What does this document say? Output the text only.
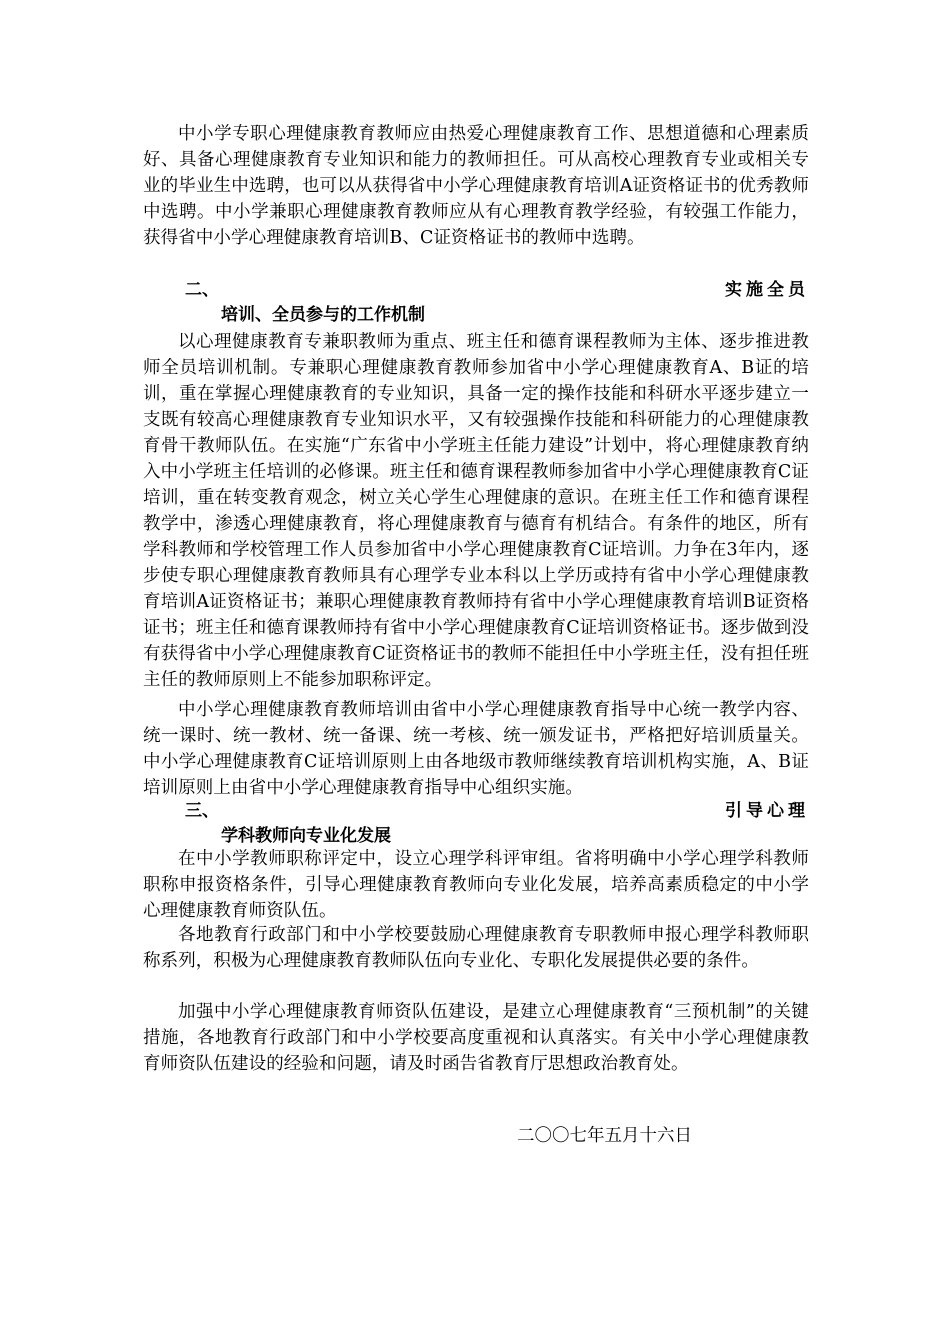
中小学专职心理健康教育教师应由热爱心理健康教育工作、思想道德和心理素质好、具备心理健康教育专业知识和能力的教师担任。可从高校心理教育专业或相关专业的毕业生中选聘，也可以从获得省中小学心理健康教育培训A证资格证书的优秀教师中选聘。中小学兼职心理健康教育教师应从有心理教育教学经验，有较强工作能力，获得省中小学心理健康教育培训B、C证资格证书的教师中选聘。

二、	实施全员
培训、全员参与的工作机制

以心理健康教育专兼职教师为重点、班主任和德育课程教师为主体、逐步推进教师全员培训机制。专兼职心理健康教育教师参加省中小学心理健康教育A、B证的培训，重在掌握心理健康教育的专业知识，具备一定的操作技能和科研水平逐步建立一支既有较高心理健康教育专业知识水平，又有较强操作技能和科研能力的心理健康教育骨干教师队伍。在实施“广东省中小学班主任能力建设”计划中，将心理健康教育纳入中小学班主任培训的必修课。班主任和德育课程教师参加省中小学心理健康教育C证培训，重在转变教育观念，树立关心学生心理健康的意识。在班主任工作和德育课程教学中，渗透心理健康教育，将心理健康教育与德育有机结合。有条件的地区，所有学科教师和学校管理工作人员参加省中小学心理健康教育C证培训。力争在3年内，逐步使专职心理健康教育教师具有心理学专业本科以上学历或持有省中小学心理健康教育培训A证资格证书；兼职心理健康教育教师持有省中小学心理健康教育培训B证资格证书；班主任和德育课教师持有省中小学心理健康教育C证培训资格证书。逐步做到没有获得省中小学心理健康教育C证资格证书的教师不能担任中小学班主任，没有担任班主任的教师原则上不能参加职称评定。

中小学心理健康教育教师培训由省中小学心理健康教育指导中心统一教学内容、统一课时、统一教材、统一备课、统一考核、统一颁发证书，严格把好培训质量关。中小学心理健康教育C证培训原则上由各地级市教师继续教育培训机构实施，A、B证培训原则上由省中小学心理健康教育指导中心组织实施。

三、	引导心理
学科教师向专业化发展

在中小学教师职称评定中，设立心理学科评审组。省将明确中小学心理学科教师职称申报资格条件，引导心理健康教育教师向专业化发展，培养高素质稳定的中小学心理健康教育师资队伍。

各地教育行政部门和中小学校要鼓励心理健康教育专职教师申报心理学科教师职称系列，积极为心理健康教育教师队伍向专业化、专职化发展提供必要的条件。

加强中小学心理健康教育师资队伍建设，是建立心理健康教育“三预机制”的关键措施，各地教育行政部门和中小学校要高度重视和认真落实。有关中小学心理健康教育师资队伍建设的经验和问题，请及时函告省教育厅思想政治教育处。

二〇〇七年五月十六日
